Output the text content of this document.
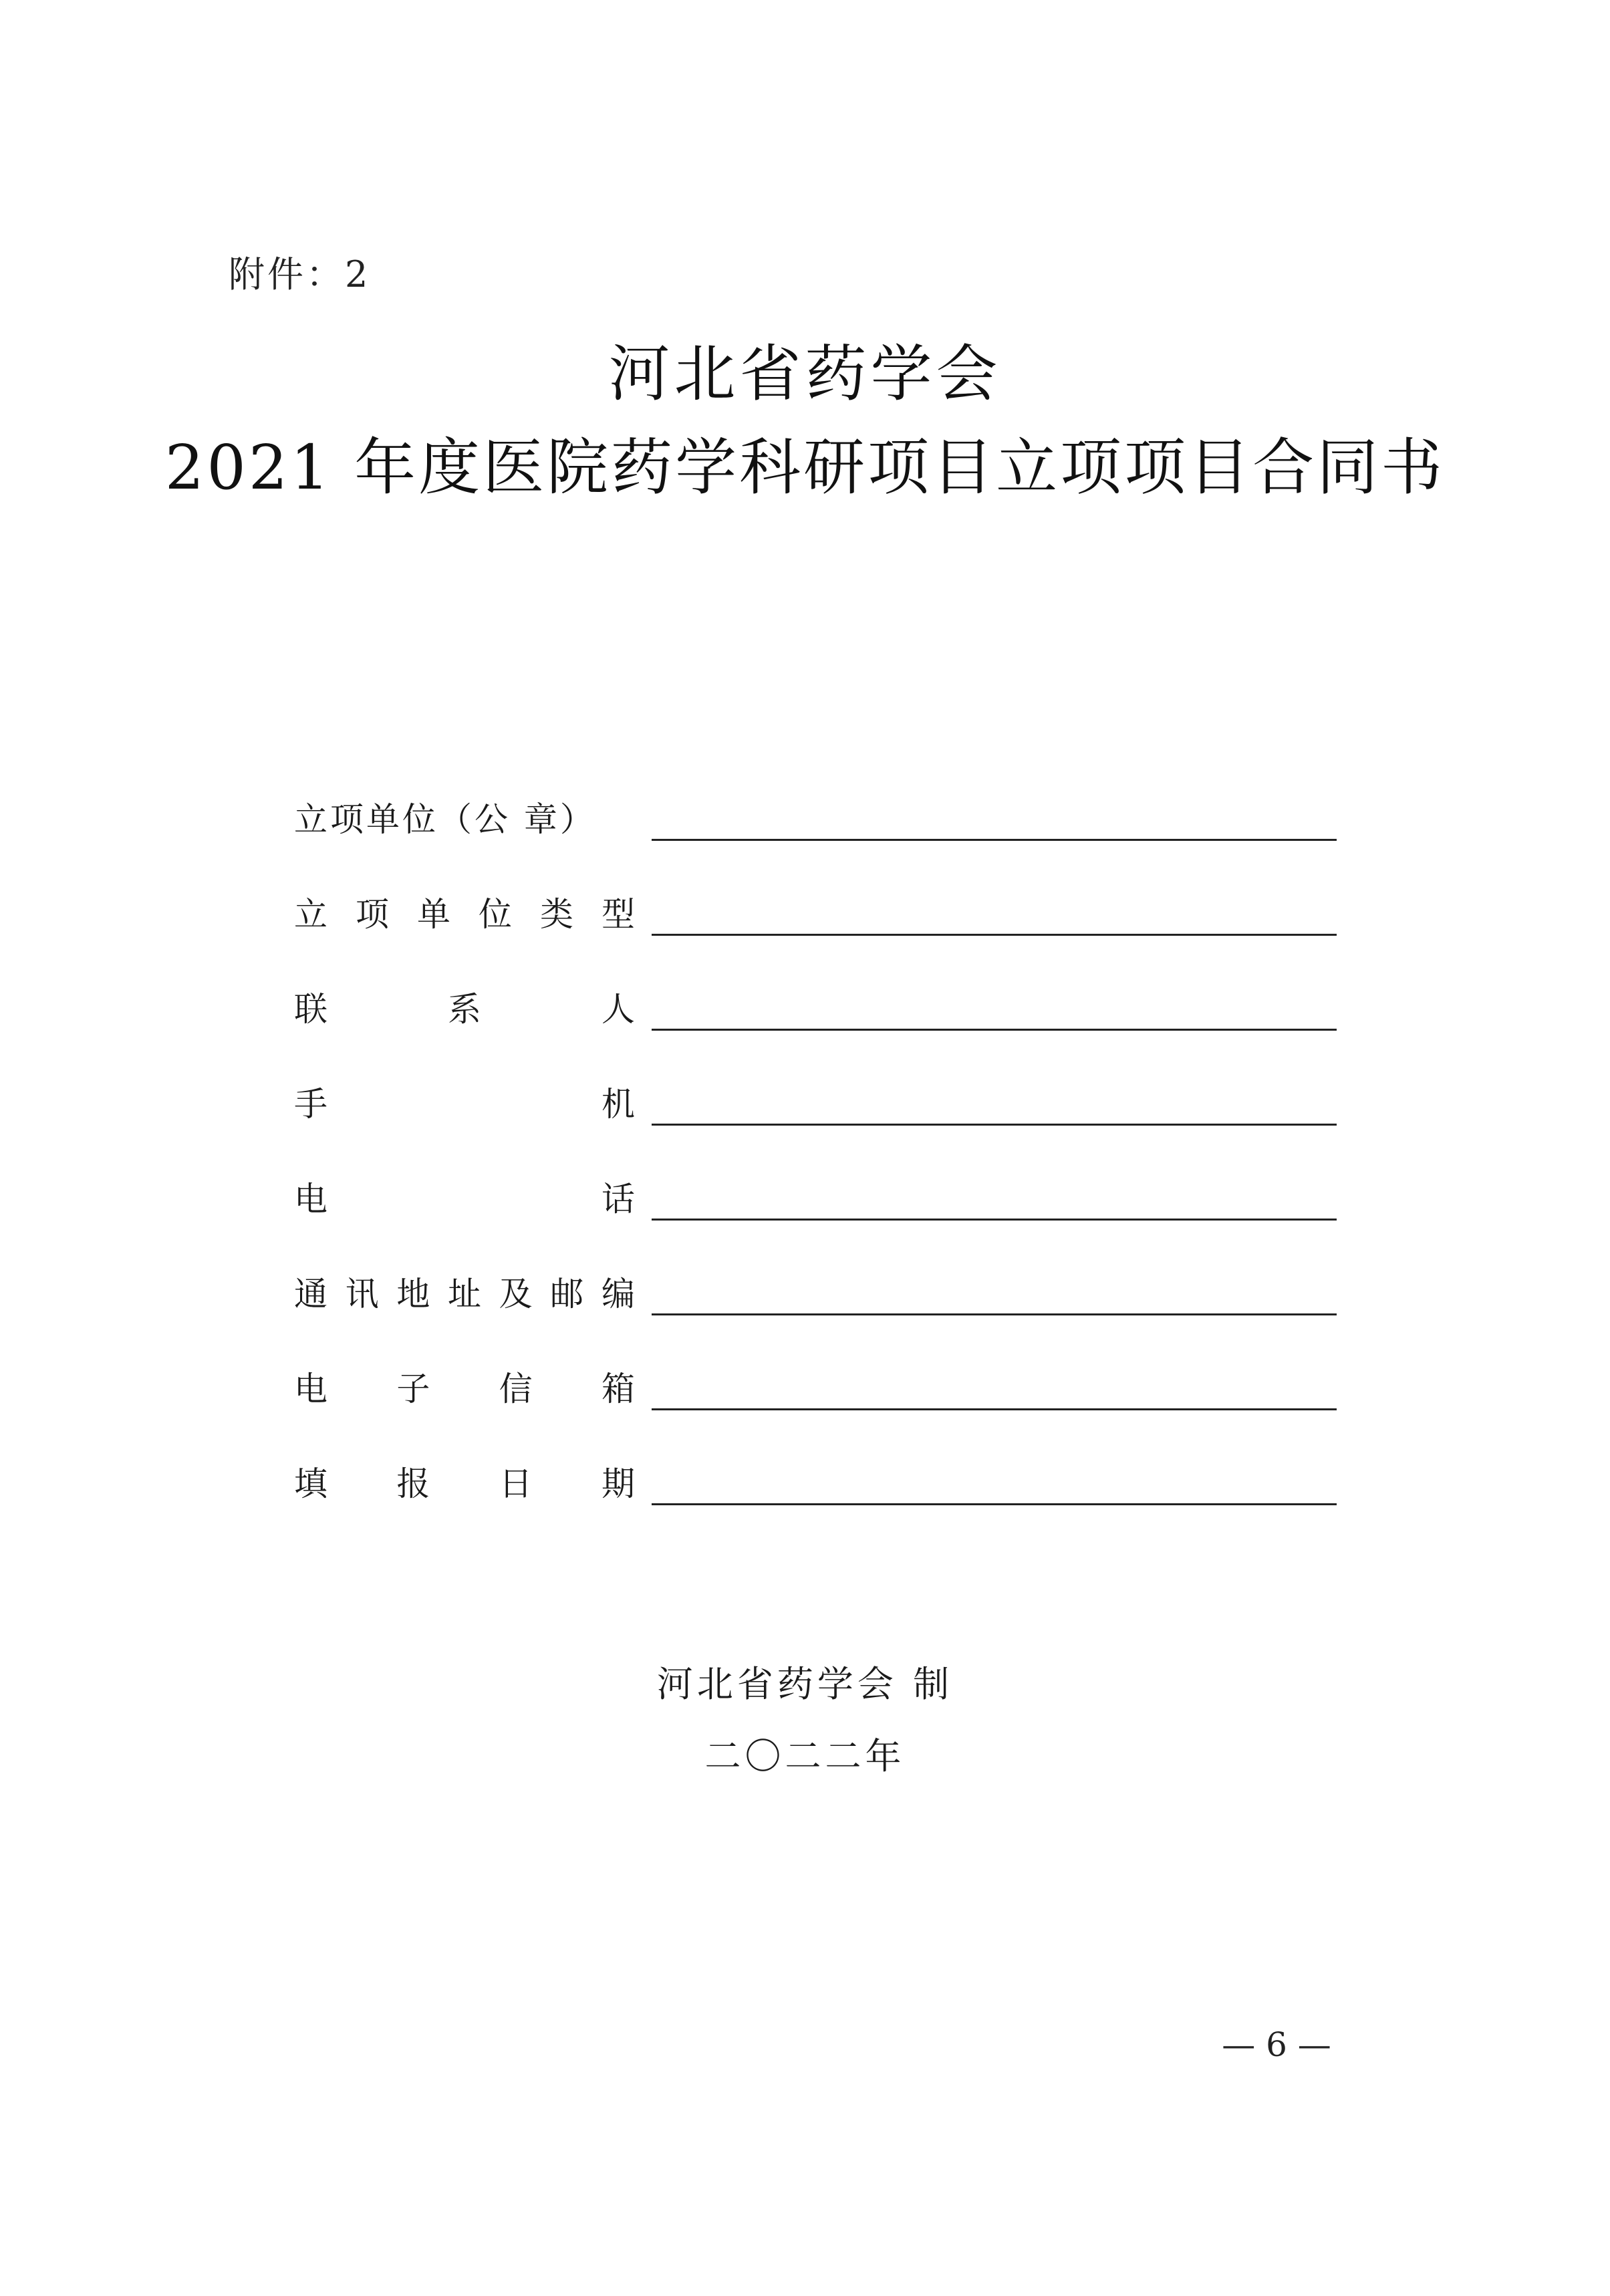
附件：2
河北省药学会
2021 年度医院药学科研项目立项项目合同书
立项单位（公 章）
立 项 单 位 类 型
联	系	人
手	机
电	话
通 讯 地 址 及 邮 编
电 子 信 箱
填 报 日 期
河北省药学会 制
二〇二二年
— 6 —
